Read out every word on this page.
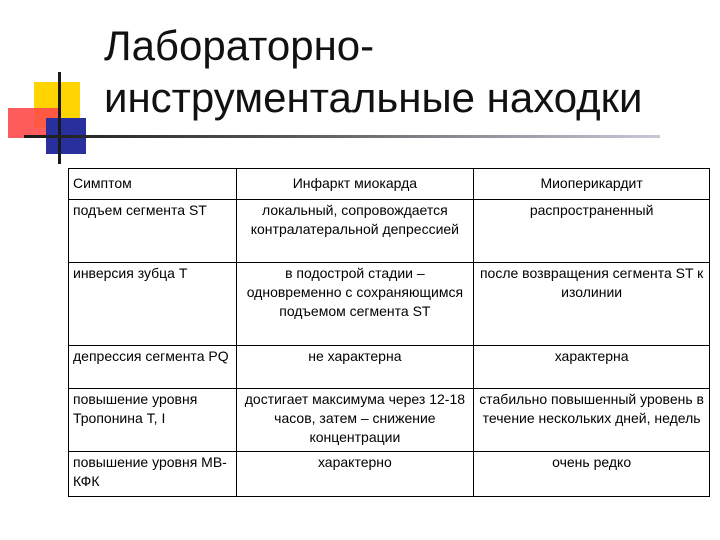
Лабораторно-
инструментальные находки
Симптом	Инфаркт миокарда	Миоперикардит
подъем сегмента ST	локальный, сопровождается контралатеральной депрессией	распространенный
инверсия зубца T	в подострой стадии – одновременно с сохраняющимся подъемом сегмента ST	после возвращения сегмента ST к изолинии
депрессия сегмента PQ	не характерна	характерна
повышение уровня Тропонина T, I	достигает максимума через 12-18 часов, затем – снижение концентрации	стабильно повышенный уровень в течение нескольких дней, недель
повышение уровня MB-КФК	характерно	очень редко
